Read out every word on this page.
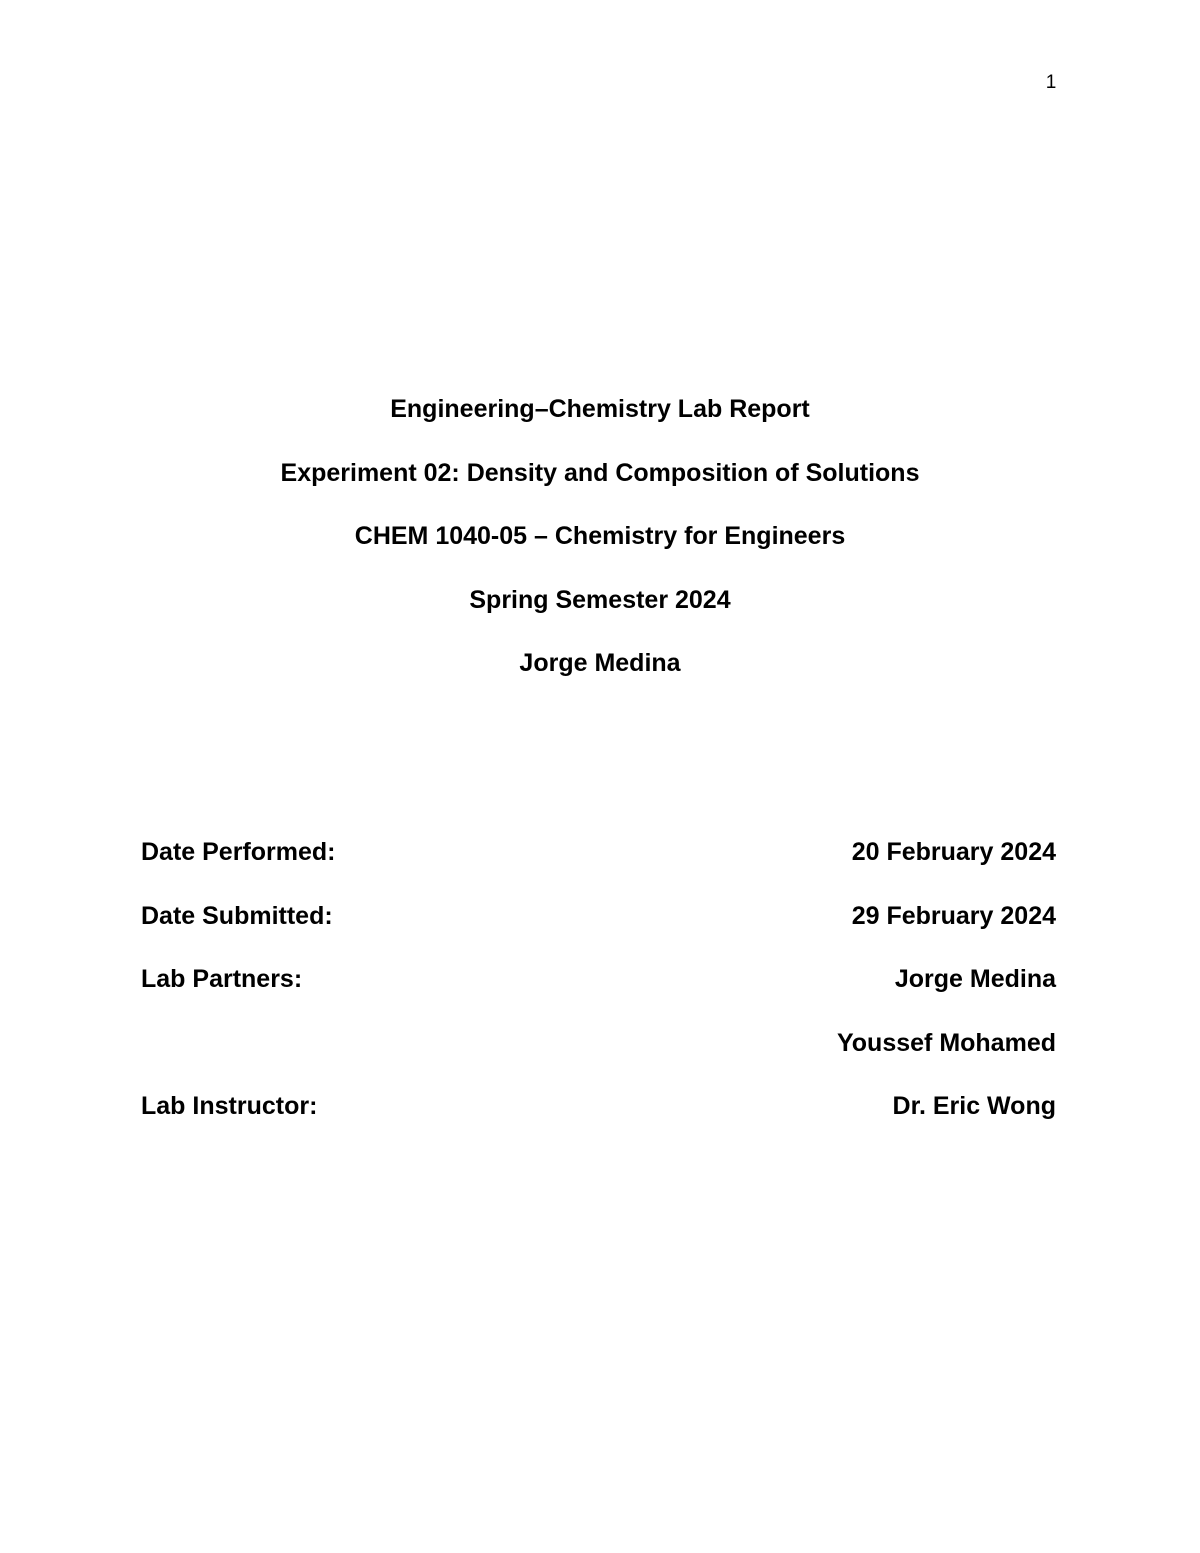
1
Engineering–Chemistry Lab Report
Experiment 02: Density and Composition of Solutions
CHEM 1040-05 – Chemistry for Engineers
Spring Semester 2024
Jorge Medina
Date Performed:	20 February 2024
Date Submitted:	29 February 2024
Lab Partners:	Jorge Medina
Youssef Mohamed
Lab Instructor:	Dr. Eric Wong
